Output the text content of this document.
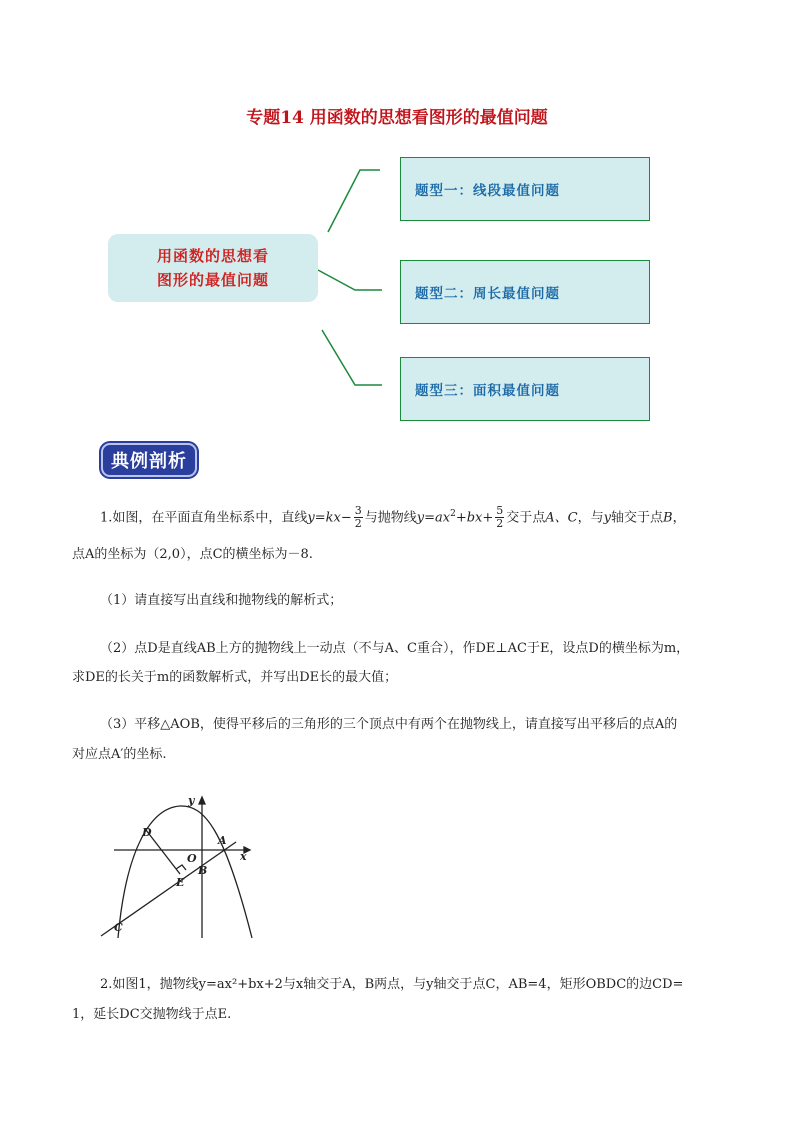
专题14 用函数的思想看图形的最值问题
用函数的思想看
图形的最值问题
题型一：线段最值问题
题型二：周长最值问题
题型三：面积最值问题
典例剖析
1.如图，在平面直角坐标系中，直线$y=kx- \frac{3}{2}$ 与抛物线$y=ax^2+bx+ \frac{5}{2}$ 交于点A、C，与y轴交于点B，
点A的坐标为（2,0），点C的横坐标为－8.
（1）请直接写出直线和抛物线的解析式；
（2）点D是直线AB上方的抛物线上一动点（不与A、C重合），作DE⊥AC于E，设点D的横坐标为m，
求DE的长关于m的函数解析式，并写出DE长的最大值；
（3）平移△AOB，使得平移后的三角形的三个顶点中有两个在抛物线上，请直接写出平移后的点A的
对应点A′的坐标.
y
x
O
A
B
C
D
E
2.如图1，抛物线y=ax²+bx+2与x轴交于A，B两点，与y轴交于点C，AB=4，矩形OBDC的边CD=
1，延长DC交抛物线于点E.
